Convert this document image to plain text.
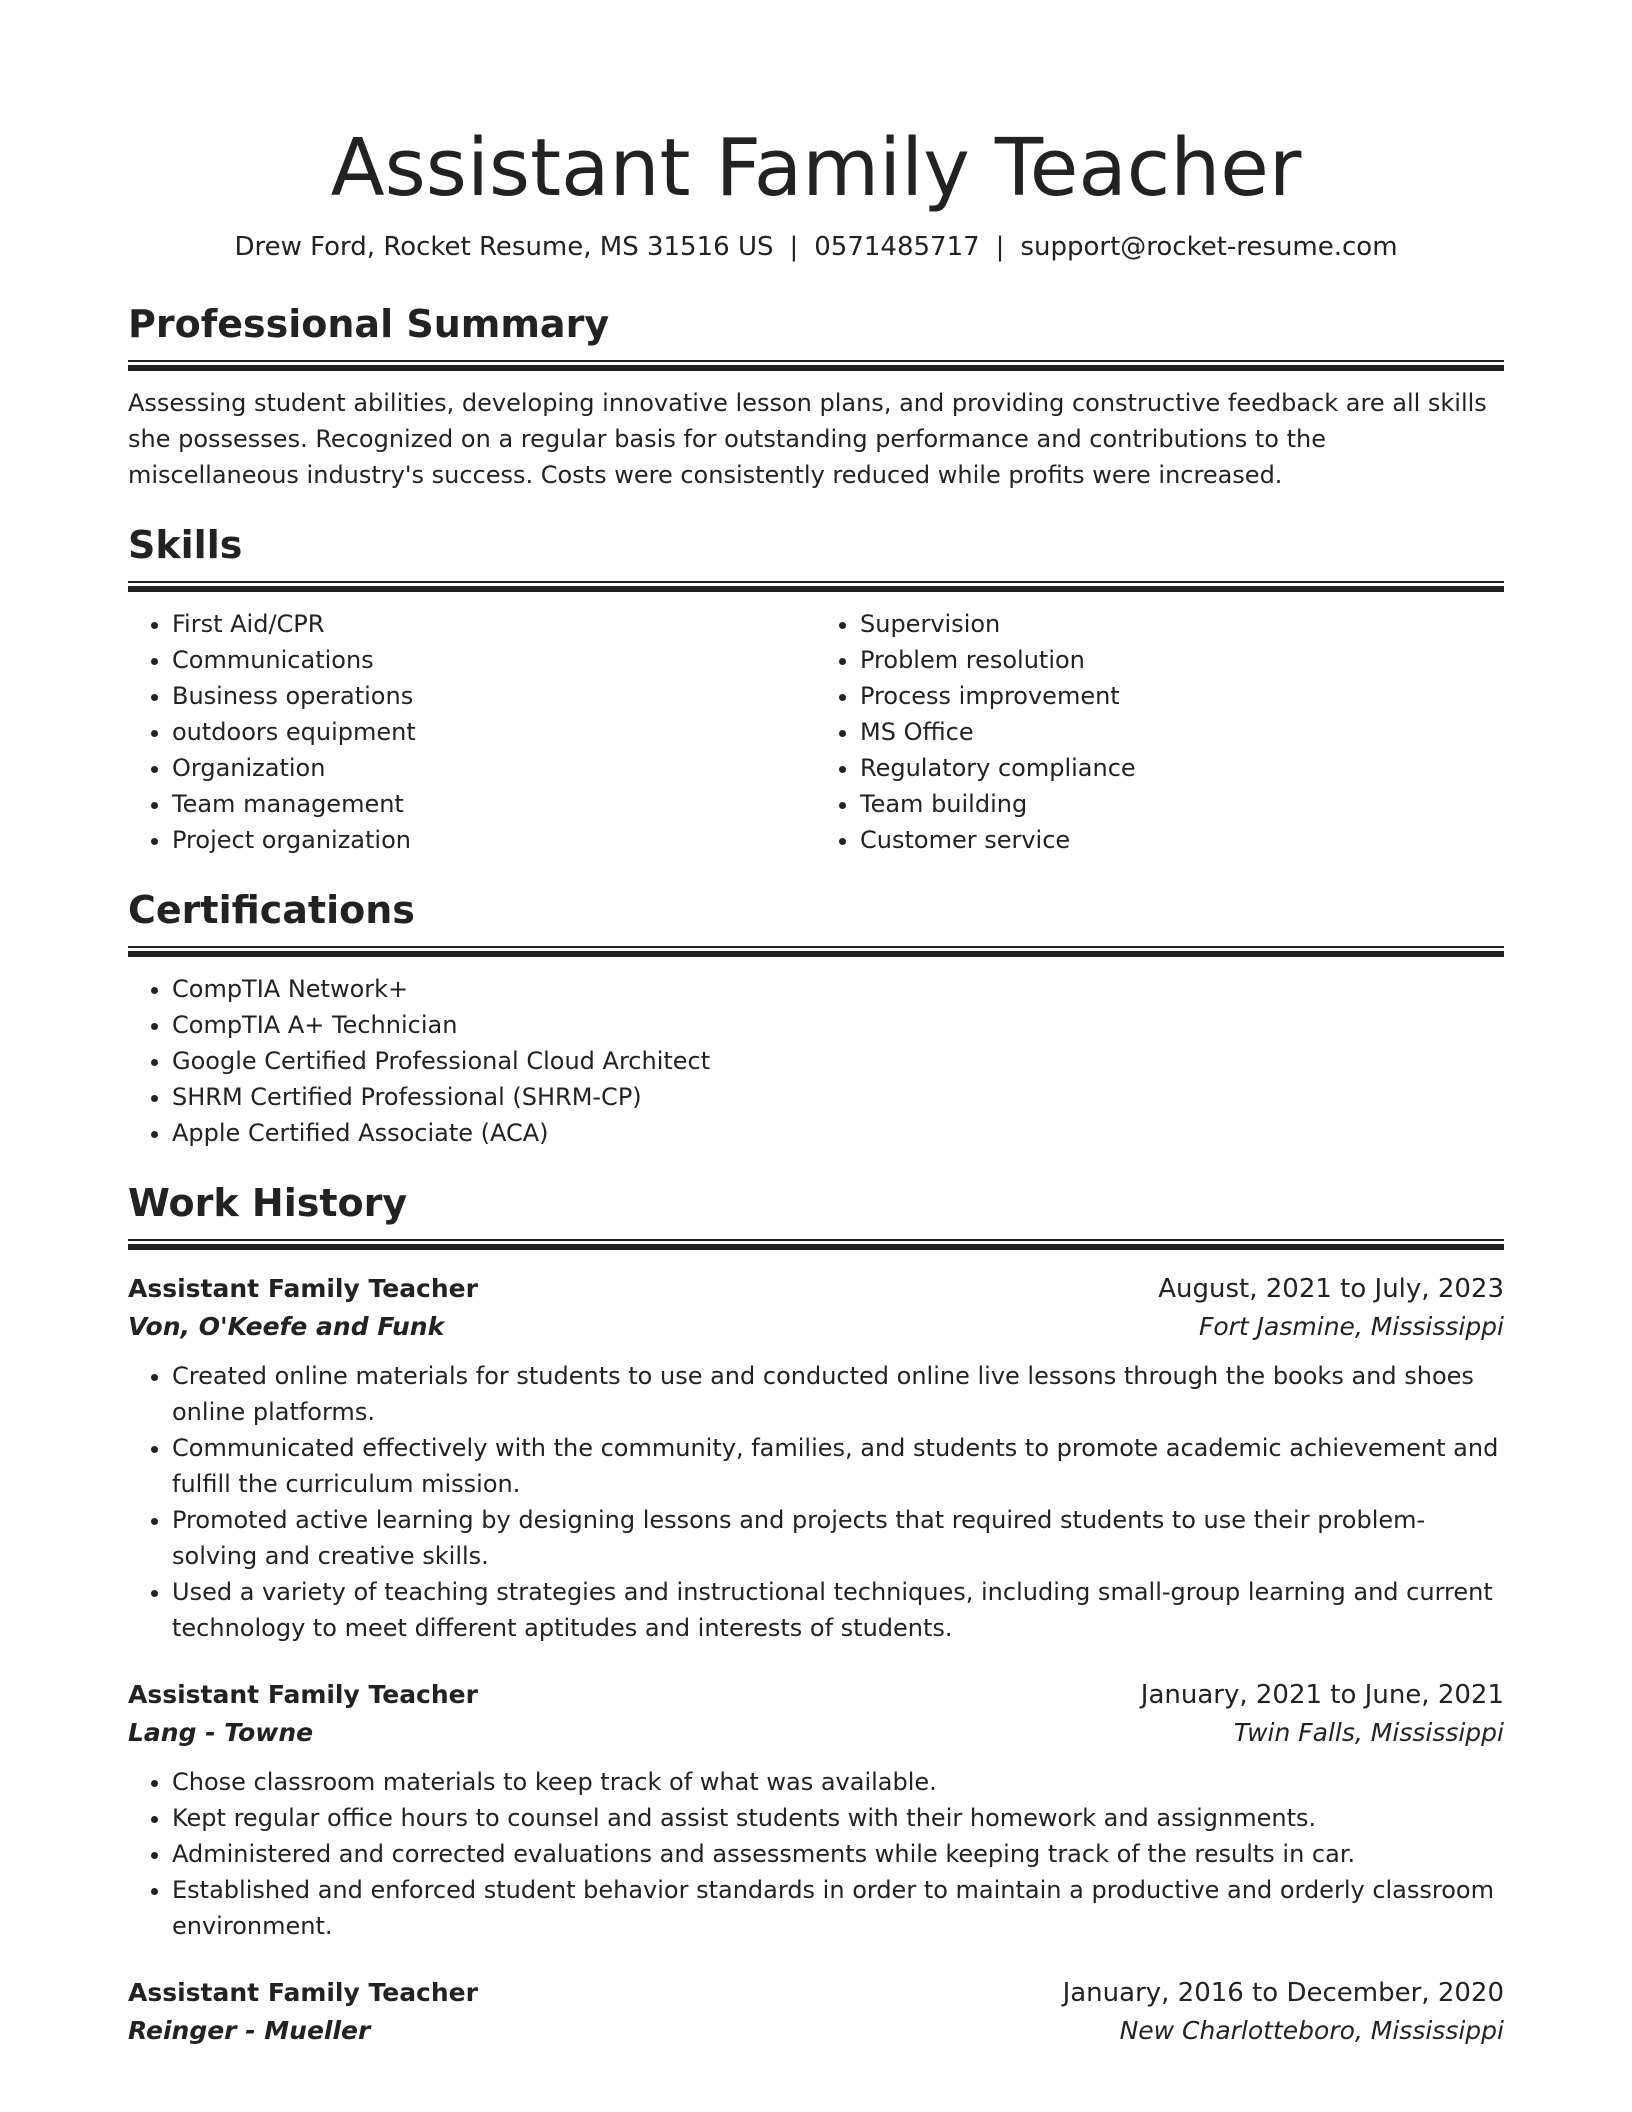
Assistant Family Teacher
Drew Ford, Rocket Resume, MS 31516 US | 0571485717 | support@rocket-resume.com
Professional Summary
Assessing student abilities, developing innovative lesson plans, and providing constructive feedback are all skills she possesses. Recognized on a regular basis for outstanding performance and contributions to the miscellaneous industry's success. Costs were consistently reduced while profits were increased.
Skills
• First Aid/CPR
• Communications
• Business operations
• outdoors equipment
• Organization
• Team management
• Project organization
• Supervision
• Problem resolution
• Process improvement
• MS Office
• Regulatory compliance
• Team building
• Customer service
Certifications
• CompTIA Network+
• CompTIA A+ Technician
• Google Certified Professional Cloud Architect
• SHRM Certified Professional (SHRM-CP)
• Apple Certified Associate (ACA)
Work History
Assistant Family Teacher	August, 2021 to July, 2023
Von, O'Keefe and Funk	Fort Jasmine, Mississippi
• Created online materials for students to use and conducted online live lessons through the books and shoes online platforms.
• Communicated effectively with the community, families, and students to promote academic achievement and fulfill the curriculum mission.
• Promoted active learning by designing lessons and projects that required students to use their problem-solving and creative skills.
• Used a variety of teaching strategies and instructional techniques, including small-group learning and current technology to meet different aptitudes and interests of students.
Assistant Family Teacher	January, 2021 to June, 2021
Lang - Towne	Twin Falls, Mississippi
• Chose classroom materials to keep track of what was available.
• Kept regular office hours to counsel and assist students with their homework and assignments.
• Administered and corrected evaluations and assessments while keeping track of the results in car.
• Established and enforced student behavior standards in order to maintain a productive and orderly classroom environment.
Assistant Family Teacher	January, 2016 to December, 2020
Reinger - Mueller	New Charlotteboro, Mississippi
